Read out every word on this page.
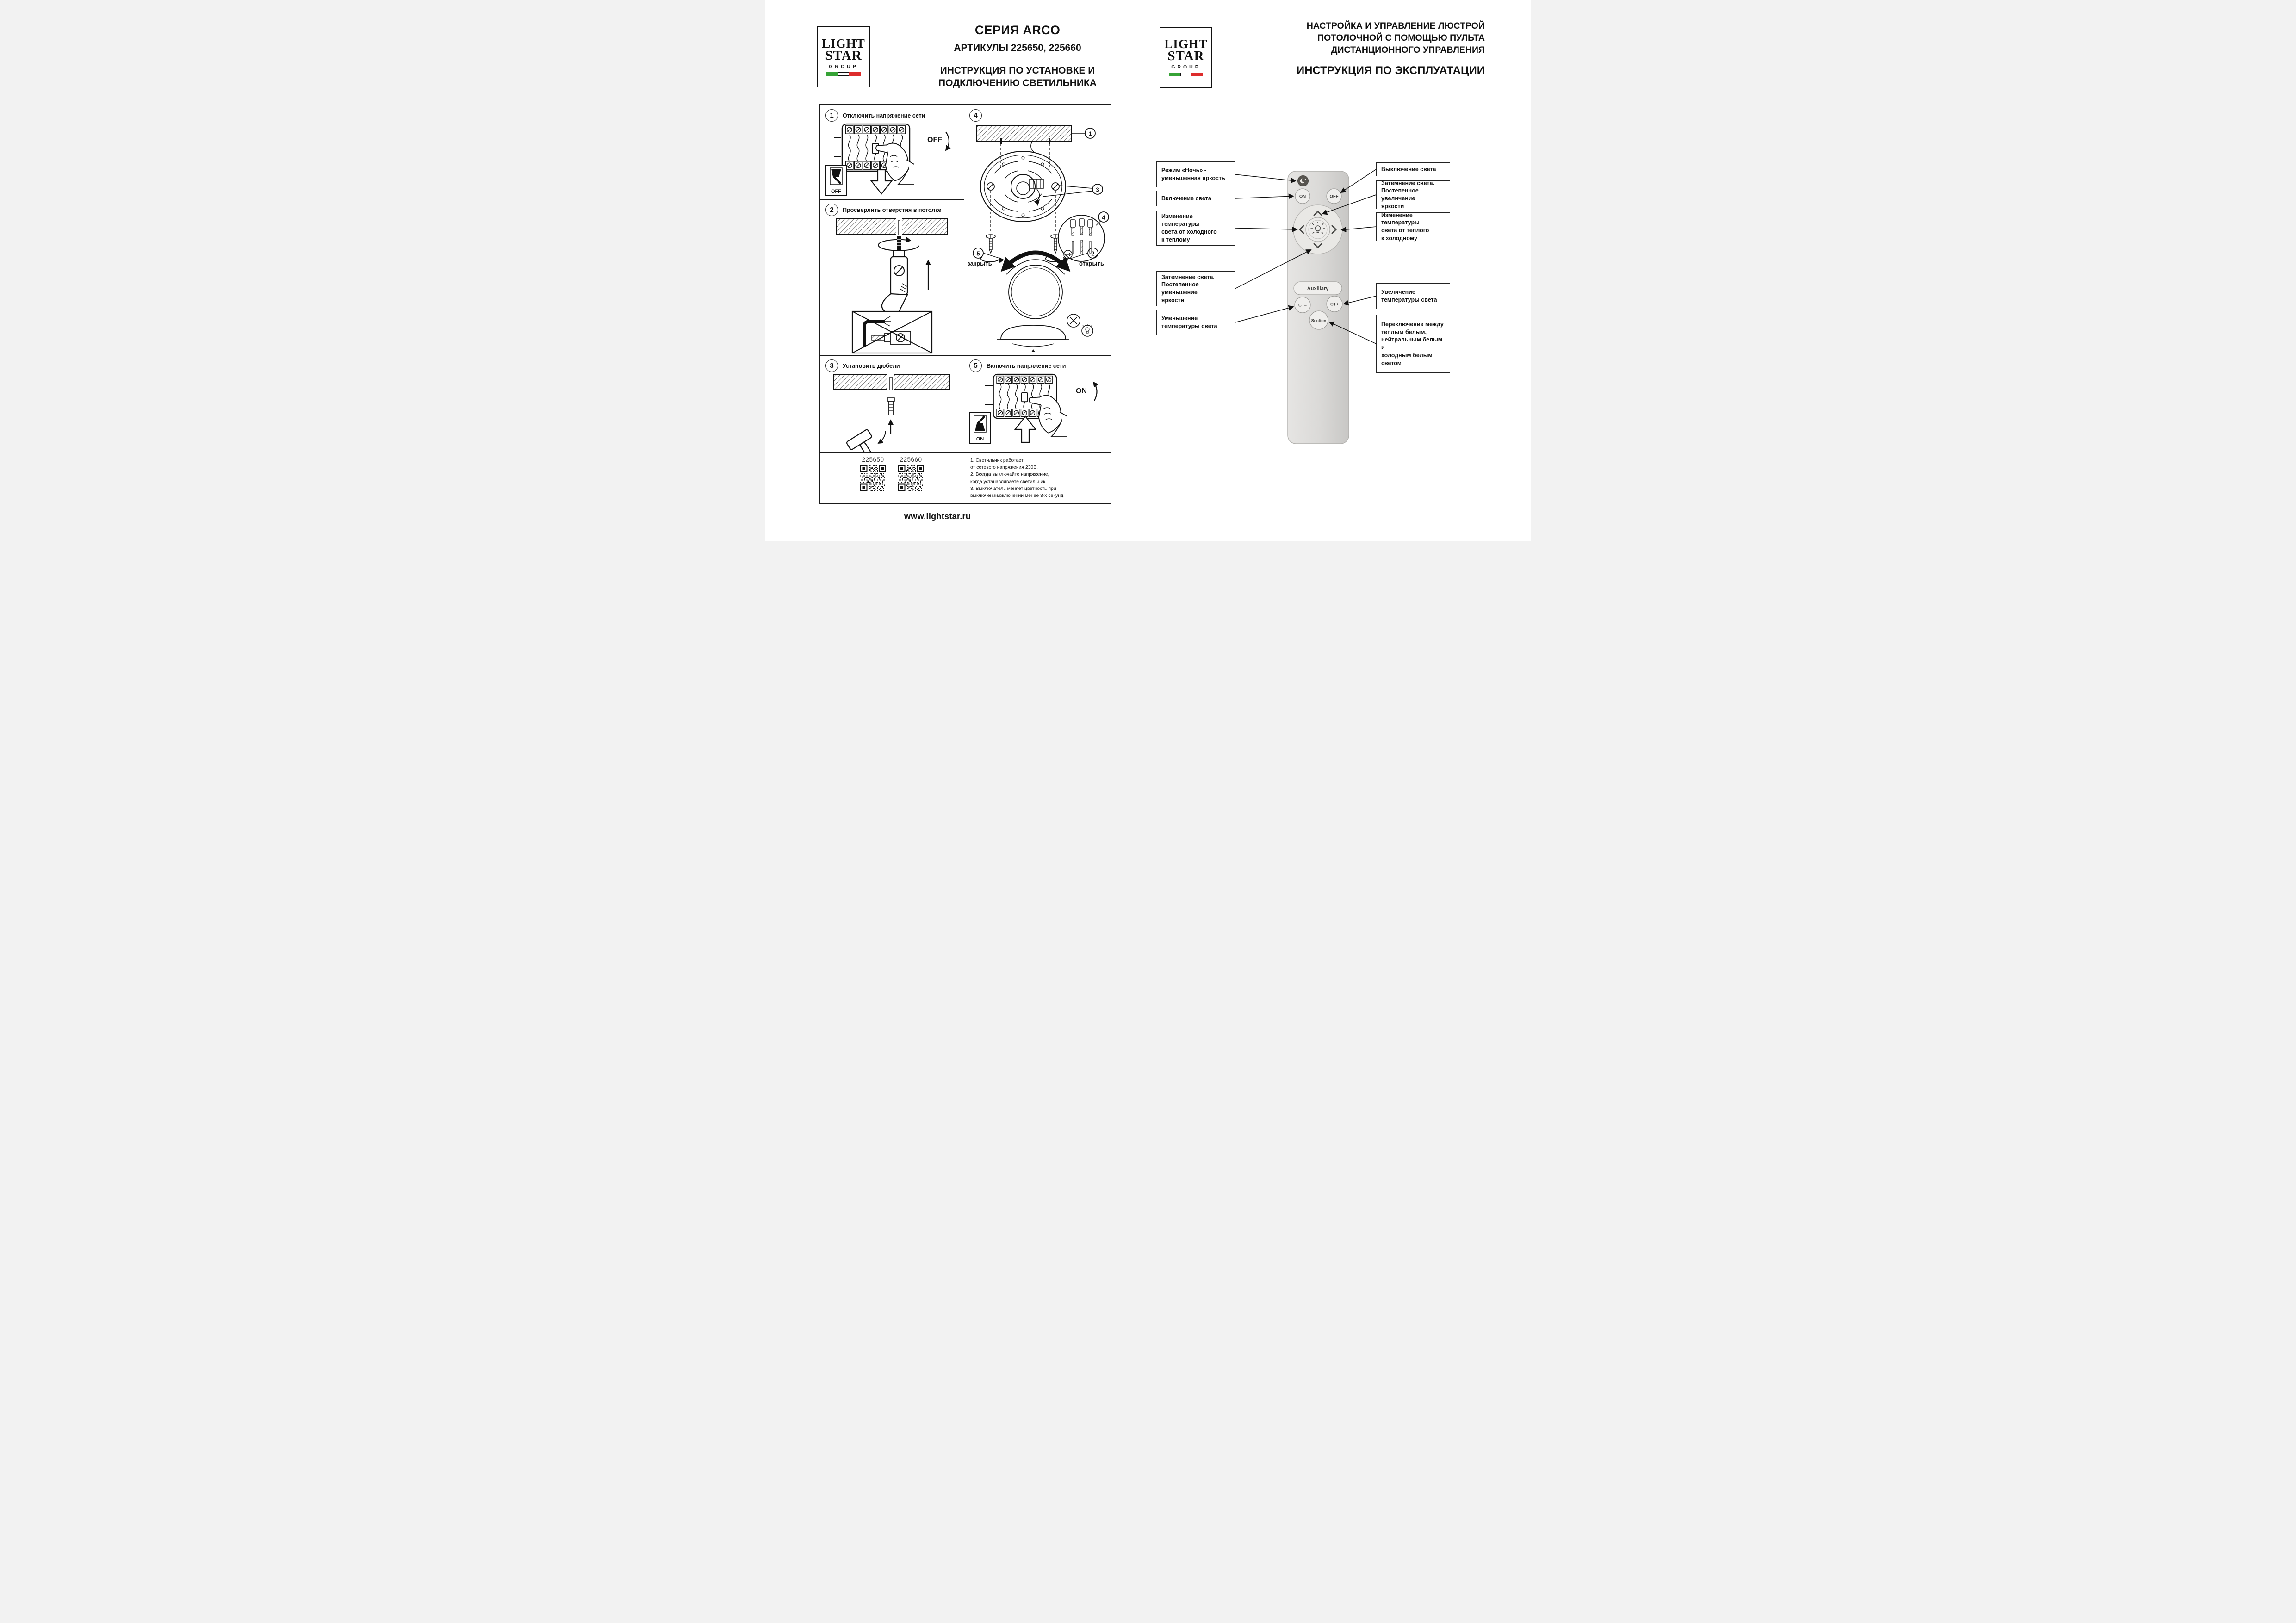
LIGHT
STAR
GROUP
СЕРИЯ ARCO
АРТИКУЛЫ 225650, 225660
ИНСТРУКЦИЯ ПО УСТАНОВКЕ И
ПОДКЛЮЧЕНИЮ СВЕТИЛЬНИКА
1	Отключить напряжение сети
OFF
OFF
2	Просверлить отверстия в потолке
3	Установить дюбели
225650	225660
4
1
3
4
5
закрыть
2
открыть
5	Включить напряжение сети
ON
ON
1. Светильник работает
от сетевого напряжения 230В.
2. Всегда выключайте напряжение,
когда устанавливаете светильник.
3. Выключатель меняет цветность при
выключении/включении менее 3-х секунд.
www.lightstar.ru
LIGHT
STAR
GROUP
НАСТРОЙКА И УПРАВЛЕНИЕ ЛЮСТРОЙ
ПОТОЛОЧНОЙ С ПОМОЩЬЮ ПУЛЬТА
ДИСТАНЦИОННОГО УПРАВЛЕНИЯ
ИНСТРУКЦИЯ ПО ЭКСПЛУАТАЦИИ
Режим «Ночь» -
уменьшенная яркость
Включение света
Изменение температуры
света от холодного
к теплому
Затемнение света.
Постепенное уменьшение
яркости
Уменьшение
температуры света
Выключение света
Затемнение света.
Постепенное увеличение
яркости
Изменение температуры
света от теплого
к холодному
Увеличение
температуры света
Переключение между
теплым белым,
нейтральным белым и
холодным белым светом
ON	OFF
Auxiliary
CT–	CT+
Section
